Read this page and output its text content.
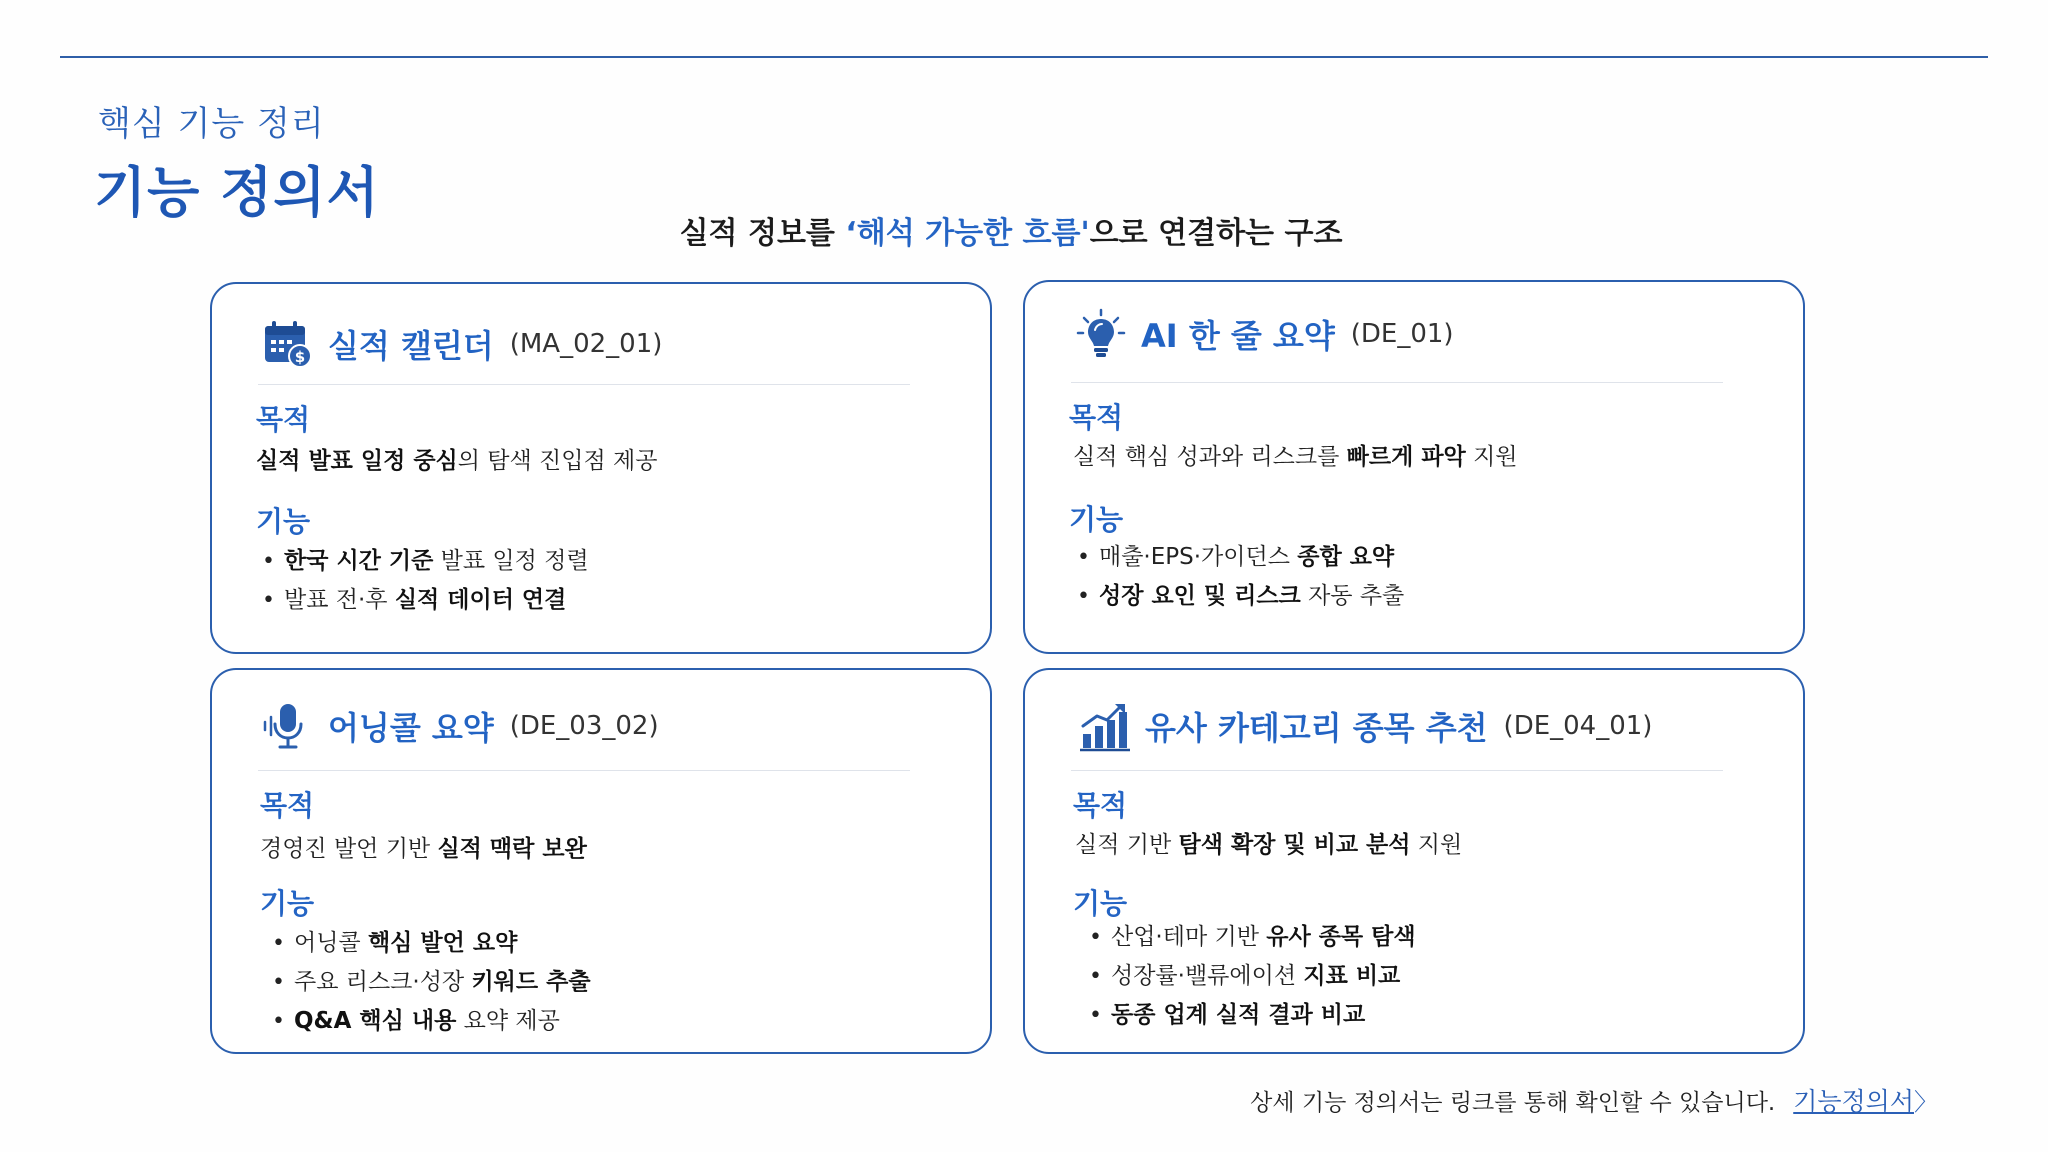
핵심 기능 정리
기능 정의서
실적 정보를 ‘해석 가능한 흐름'으로 연결하는 구조
$ 실적 캘린더 (MA_02_01)
목적
실적 발표 일정 중심의 탐색 진입점 제공
기능
• 한국 시간 기준 발표 일정 정렬
• 발표 전·후 실적 데이터 연결
AI 한 줄 요약 (DE_01)
목적
실적 핵심 성과와 리스크를 빠르게 파악 지원
기능
• 매출·EPS·가이던스 종합 요약
• 성장 요인 및 리스크 자동 추출
어닝콜 요약 (DE_03_02)
목적
경영진 발언 기반 실적 맥락 보완
기능
• 어닝콜 핵심 발언 요약
• 주요 리스크·성장 키워드 추출
• Q&A 핵심 내용 요약 제공
유사 카테고리 종목 추천 (DE_04_01)
목적
실적 기반 탐색 확장 및 비교 분석 지원
기능
• 산업·테마 기반 유사 종목 탐색
• 성장률·밸류에이션 지표 비교
• 동종 업계 실적 결과 비교
상세 기능 정의서는 링크를 통해 확인할 수 있습니다. 기능정의서〉
